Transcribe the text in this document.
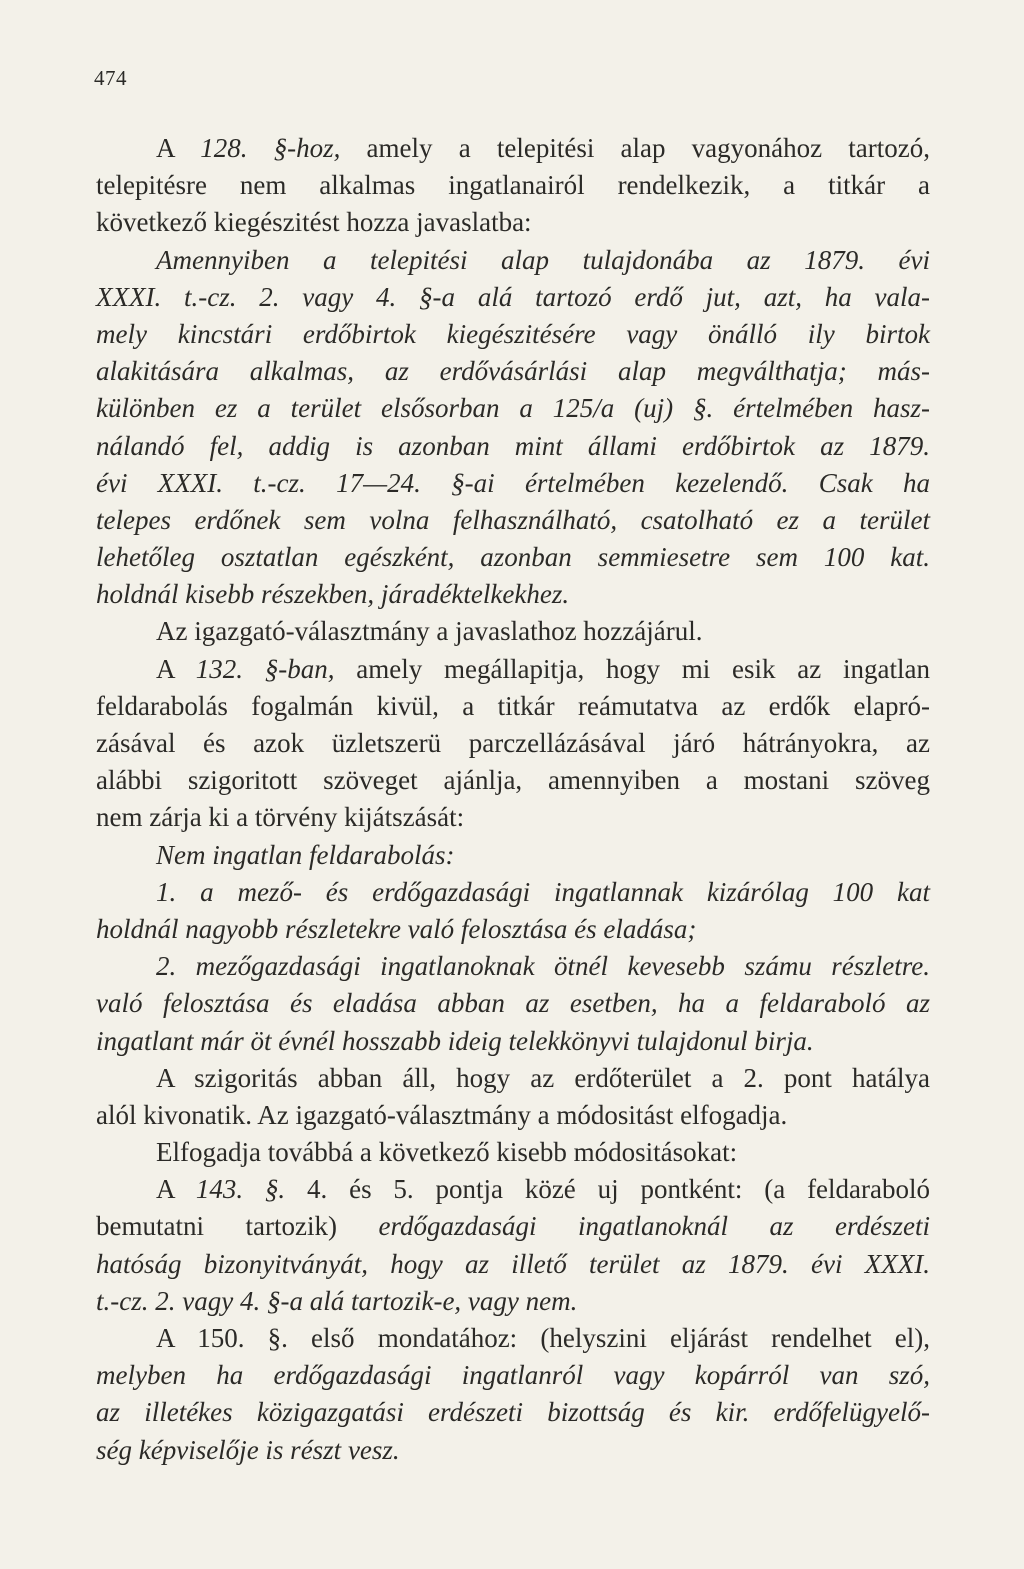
474
A 128. §-hoz, amely a telepitési alap vagyonához tartozó,
telepitésre nem alkalmas ingatlanairól rendelkezik, a titkár a
következő kiegészitést hozza javaslatba:
Amennyiben a telepitési alap tulajdonába az 1879. évi
XXXI. t.-cz. 2. vagy 4. §-a alá tartozó erdő jut, azt, ha vala-
mely kincstári erdőbirtok kiegészitésére vagy önálló ily birtok
alakitására alkalmas, az erdővásárlási alap megválthatja; más-
különben ez a terület elsősorban a 125/a (uj) §. értelmében hasz-
nálandó fel, addig is azonban mint állami erdőbirtok az 1879.
évi XXXI. t.-cz. 17—24. §-ai értelmében kezelendő. Csak ha
telepes erdőnek sem volna felhasználható, csatolható ez a terület
lehetőleg osztatlan egészként, azonban semmiesetre sem 100 kat.
holdnál kisebb részekben, járadéktelkekhez.
Az igazgató-választmány a javaslathoz hozzájárul.
A 132. §-ban, amely megállapitja, hogy mi esik az ingatlan
feldarabolás fogalmán kivül, a titkár reámutatva az erdők elapró-
zásával és azok üzletszerü parczellázásával járó hátrányokra, az
alábbi szigoritott szöveget ajánlja, amennyiben a mostani szöveg
nem zárja ki a törvény kijátszását:
Nem ingatlan feldarabolás:
1. a mező- és erdőgazdasági ingatlannak kizárólag 100 kat
holdnál nagyobb részletekre való felosztása és eladása;
2. mezőgazdasági ingatlanoknak ötnél kevesebb számu részletre.
való felosztása és eladása abban az esetben, ha a feldaraboló az
ingatlant már öt évnél hosszabb ideig telekkönyvi tulajdonul birja.
A szigoritás abban áll, hogy az erdőterület a 2. pont hatálya
alól kivonatik. Az igazgató-választmány a módositást elfogadja.
Elfogadja továbbá a következő kisebb módositásokat:
A 143. §. 4. és 5. pontja közé uj pontként: (a feldaraboló
bemutatni tartozik) erdőgazdasági ingatlanoknál az erdészeti
hatóság bizonyitványát, hogy az illető terület az 1879. évi XXXI.
t.-cz. 2. vagy 4. §-a alá tartozik-e, vagy nem.
A 150. §. első mondatához: (helyszini eljárást rendelhet el),
melyben ha erdőgazdasági ingatlanról vagy kopárról van szó,
az illetékes közigazgatási erdészeti bizottság és kir. erdőfelügyelő-
ség képviselője is részt vesz.
